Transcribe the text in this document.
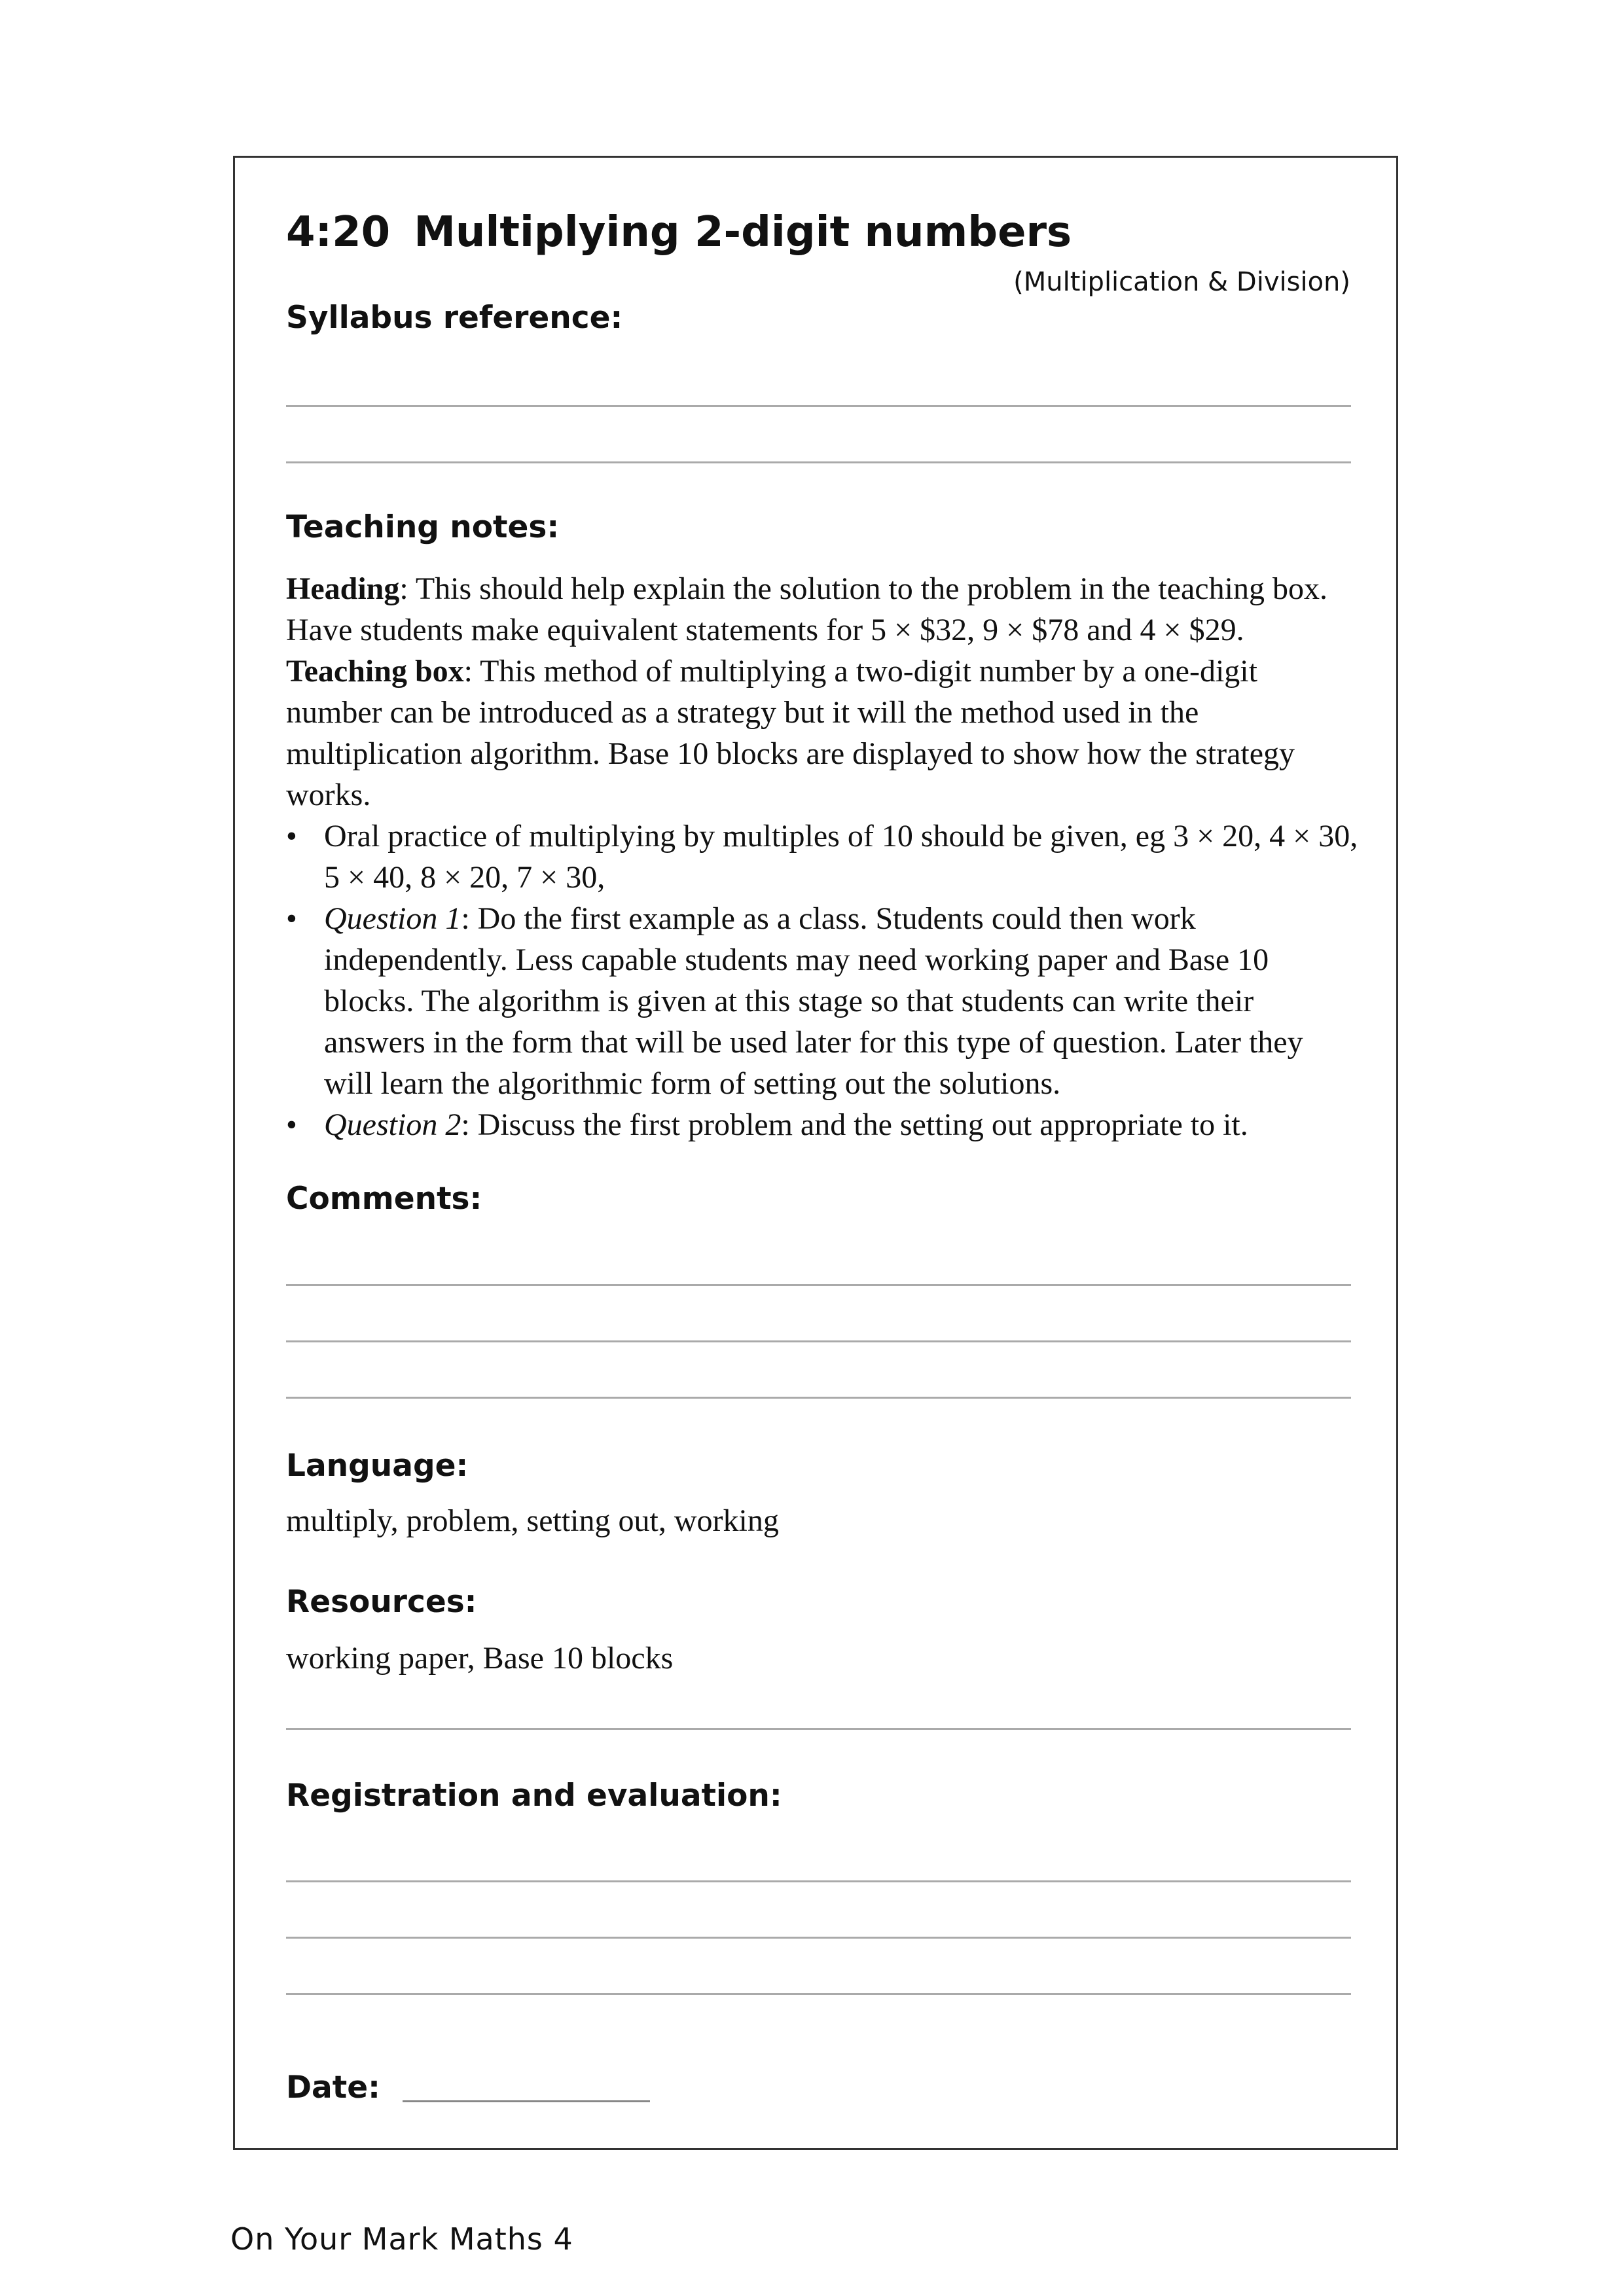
4:20 Multiplying 2-digit numbers
(Multiplication & Division)
Syllabus reference:
Teaching notes:

Heading: This should help explain the solution to the problem in the teaching box. Have students make equivalent statements for 5 × $32, 9 × $78 and 4 × $29.

Teaching box: This method of multiplying a two-digit number by a one-digit number can be introduced as a strategy but it will the method used in the multiplication algorithm. Base 10 blocks are displayed to show how the strategy works.

• Oral practice of multiplying by multiples of 10 should be given, eg 3 × 20, 4 × 30, 5 × 40, 8 × 20, 7 × 30,
• Question 1: Do the first example as a class. Students could then work independently. Less capable students may need working paper and Base 10 blocks. The algorithm is given at this stage so that students can write their answers in the form that will be used later for this type of question. Later they will learn the algorithmic form of setting out the solutions.
• Question 2: Discuss the first problem and the setting out appropriate to it.
Comments:
Language:
multiply, problem, setting out, working
Resources:
working paper, Base 10 blocks
Registration and evaluation:
Date:
On Your Mark Maths 4
